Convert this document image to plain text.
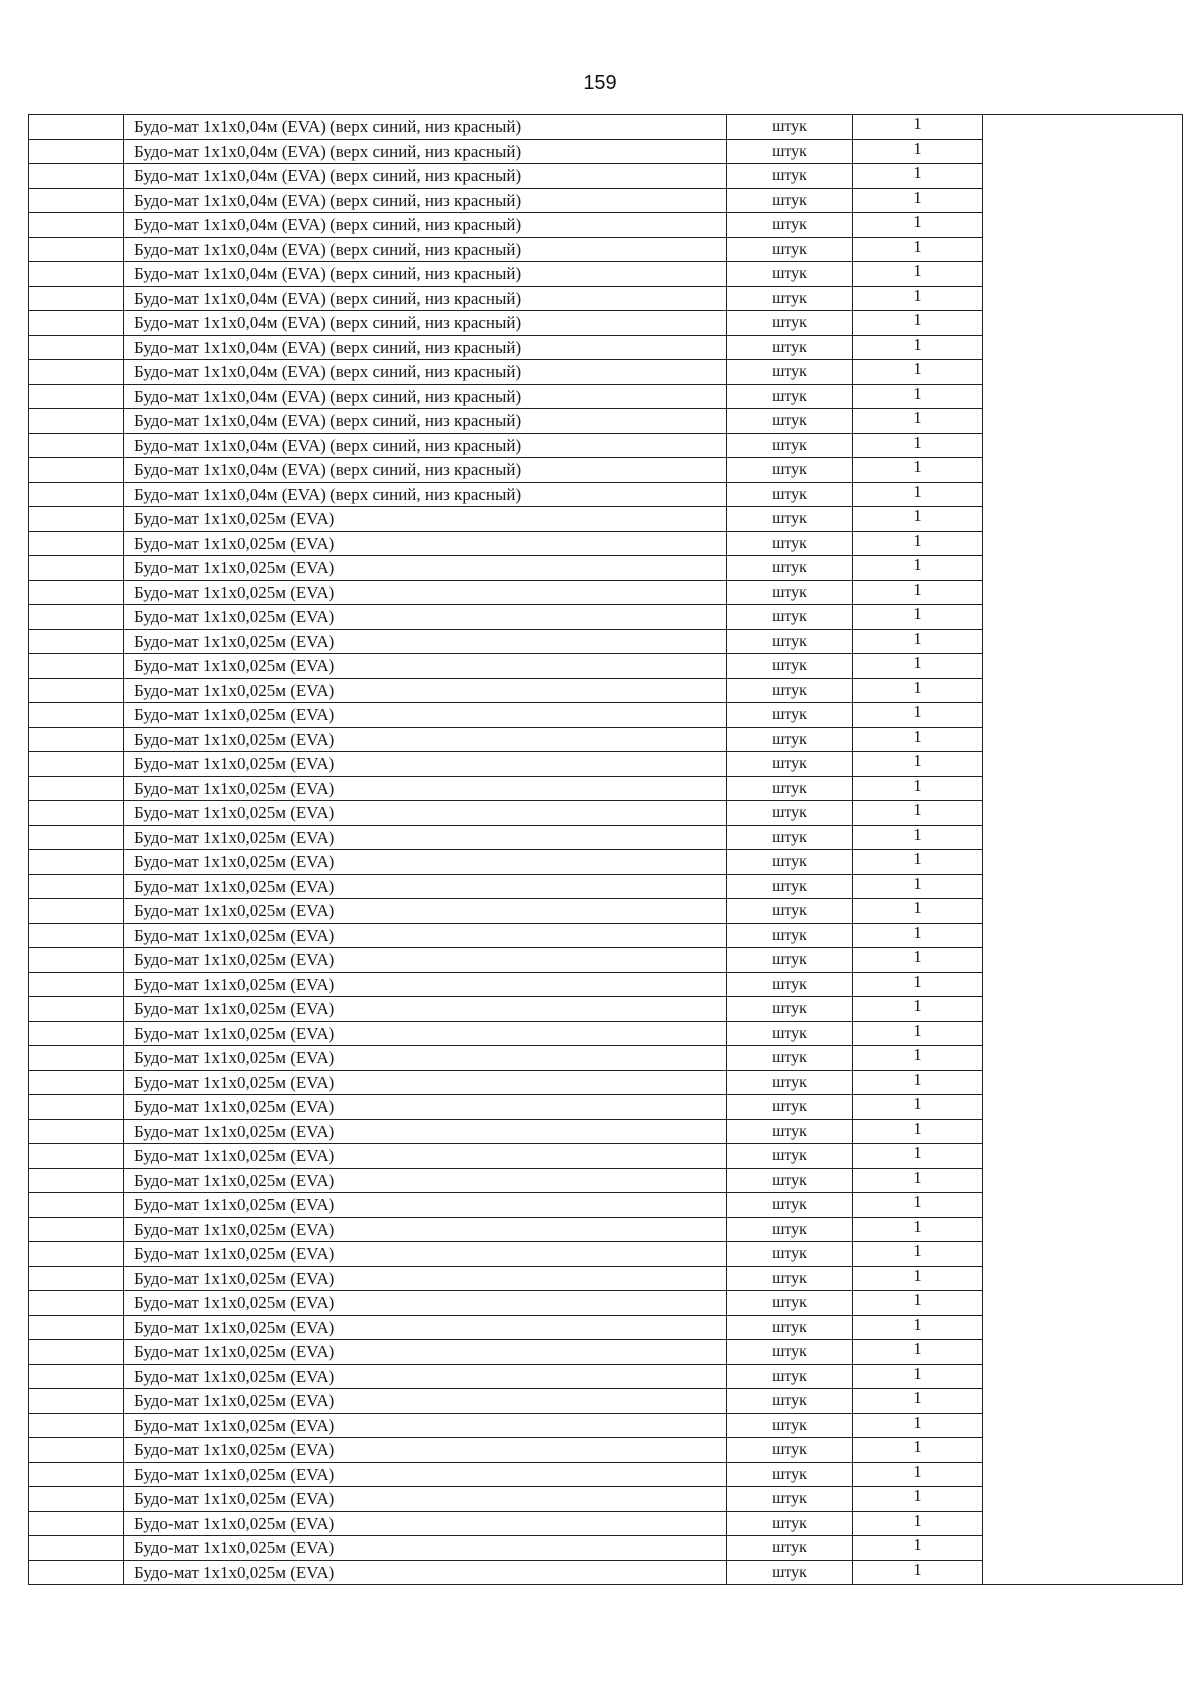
159
	Будо-мат 1х1х0,04м (EVA) (верх синий, низ красный)	штук	1	
	Будо-мат 1х1х0,04м (EVA) (верх синий, низ красный)	штук	1	
	Будо-мат 1х1х0,04м (EVA) (верх синий, низ красный)	штук	1	
	Будо-мат 1х1х0,04м (EVA) (верх синий, низ красный)	штук	1	
	Будо-мат 1х1х0,04м (EVA) (верх синий, низ красный)	штук	1	
	Будо-мат 1х1х0,04м (EVA) (верх синий, низ красный)	штук	1	
	Будо-мат 1х1х0,04м (EVA) (верх синий, низ красный)	штук	1	
	Будо-мат 1х1х0,04м (EVA) (верх синий, низ красный)	штук	1	
	Будо-мат 1х1х0,04м (EVA) (верх синий, низ красный)	штук	1	
	Будо-мат 1х1х0,04м (EVA) (верх синий, низ красный)	штук	1	
	Будо-мат 1х1х0,04м (EVA) (верх синий, низ красный)	штук	1	
	Будо-мат 1х1х0,04м (EVA) (верх синий, низ красный)	штук	1	
	Будо-мат 1х1х0,04м (EVA) (верх синий, низ красный)	штук	1	
	Будо-мат 1х1х0,04м (EVA) (верх синий, низ красный)	штук	1	
	Будо-мат 1х1х0,04м (EVA) (верх синий, низ красный)	штук	1	
	Будо-мат 1х1х0,04м (EVA) (верх синий, низ красный)	штук	1	
	Будо-мат 1х1х0,025м (EVA)	штук	1	
	Будо-мат 1х1х0,025м (EVA)	штук	1	
	Будо-мат 1х1х0,025м (EVA)	штук	1	
	Будо-мат 1х1х0,025м (EVA)	штук	1	
	Будо-мат 1х1х0,025м (EVA)	штук	1	
	Будо-мат 1х1х0,025м (EVA)	штук	1	
	Будо-мат 1х1х0,025м (EVA)	штук	1	
	Будо-мат 1х1х0,025м (EVA)	штук	1	
	Будо-мат 1х1х0,025м (EVA)	штук	1	
	Будо-мат 1х1х0,025м (EVA)	штук	1	
	Будо-мат 1х1х0,025м (EVA)	штук	1	
	Будо-мат 1х1х0,025м (EVA)	штук	1	
	Будо-мат 1х1х0,025м (EVA)	штук	1	
	Будо-мат 1х1х0,025м (EVA)	штук	1	
	Будо-мат 1х1х0,025м (EVA)	штук	1	
	Будо-мат 1х1х0,025м (EVA)	штук	1	
	Будо-мат 1х1х0,025м (EVA)	штук	1	
	Будо-мат 1х1х0,025м (EVA)	штук	1	
	Будо-мат 1х1х0,025м (EVA)	штук	1	
	Будо-мат 1х1х0,025м (EVA)	штук	1	
	Будо-мат 1х1х0,025м (EVA)	штук	1	
	Будо-мат 1х1х0,025м (EVA)	штук	1	
	Будо-мат 1х1х0,025м (EVA)	штук	1	
	Будо-мат 1х1х0,025м (EVA)	штук	1	
	Будо-мат 1х1х0,025м (EVA)	штук	1	
	Будо-мат 1х1х0,025м (EVA)	штук	1	
	Будо-мат 1х1х0,025м (EVA)	штук	1	
	Будо-мат 1х1х0,025м (EVA)	штук	1	
	Будо-мат 1х1х0,025м (EVA)	штук	1	
	Будо-мат 1х1х0,025м (EVA)	штук	1	
	Будо-мат 1х1х0,025м (EVA)	штук	1	
	Будо-мат 1х1х0,025м (EVA)	штук	1	
	Будо-мат 1х1х0,025м (EVA)	штук	1	
	Будо-мат 1х1х0,025м (EVA)	штук	1	
	Будо-мат 1х1х0,025м (EVA)	штук	1	
	Будо-мат 1х1х0,025м (EVA)	штук	1	
	Будо-мат 1х1х0,025м (EVA)	штук	1	
	Будо-мат 1х1х0,025м (EVA)	штук	1	
	Будо-мат 1х1х0,025м (EVA)	штук	1	
	Будо-мат 1х1х0,025м (EVA)	штук	1	
	Будо-мат 1х1х0,025м (EVA)	штук	1	
	Будо-мат 1х1х0,025м (EVA)	штук	1	
	Будо-мат 1х1х0,025м (EVA)	штук	1	
	Будо-мат 1х1х0,025м (EVA)	штук	1	
